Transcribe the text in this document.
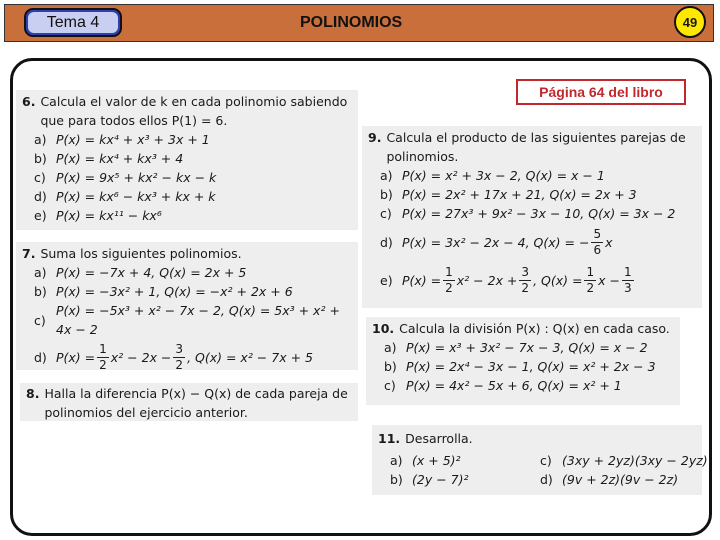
Tema 4	POLINOMIOS	49
Página 64 del libro
6. Calcula el valor de k en cada polinomio sabiendo que para todos ellos P(1) = 6.
a) P(x) = kx⁴ + x³ + 3x + 1
b) P(x) = kx⁴ + kx³ + 4
c) P(x) = 9x⁵ + kx² − kx − k
d) P(x) = kx⁶ − kx³ + kx + k
e) P(x) = kx¹¹ − kx⁶
7. Suma los siguientes polinomios.
a) P(x) = −7x + 4, Q(x) = 2x + 5
b) P(x) = −3x² + 1, Q(x) = −x² + 2x + 6
c)
P(x) = −5x³ + x² − 7x − 2, Q(x) = 5x³ + x² + 4x − 2
d) $P(x) = \frac{1}{2} x^2 - 2x - \frac{3}{2}$ , Q(x) = x² − 7x + 5
8. Halla la diferencia P(x) − Q(x) de cada pareja de polinomios del ejercicio anterior.
9. Calcula el producto de las siguientes parejas de polinomios.
a) P(x) = x² + 3x − 2, Q(x) = x − 1
b) P(x) = 2x² + 17x + 21, Q(x) = 2x + 3
c) P(x) = 27x³ + 9x² − 3x − 10, Q(x) = 3x − 2
d) P(x) = 3x² − 2x − 4, Q(x) = − $\frac{5}{6}$ x
e) $P(x) = \frac{1}{2} x^2 - 2x + \frac{3}{2}$ , $Q(x) = \frac{1}{2}$ $x - \frac{1}{3}$
10. Calcula la división P(x) : Q(x) en cada caso.
a) P(x) = x³ + 3x² − 7x − 3, Q(x) = x − 2
b) P(x) = 2x⁴ − 3x − 1, Q(x) = x² + 2x − 3
c) P(x) = 4x² − 5x + 6, Q(x) = x² + 1
11. Desarrolla.
a) (x + 5)²	c) (3xy + 2yz)(3xy − 2yz)
b) (2y − 7)²	d) (9v + 2z)(9v − 2z)
